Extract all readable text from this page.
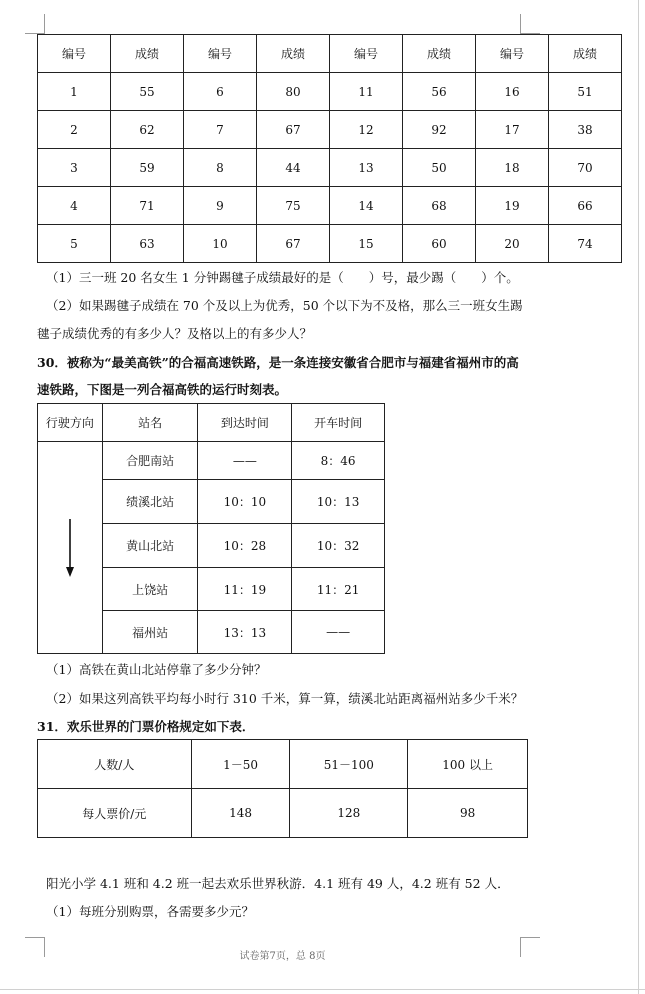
编号	成绩	编号	成绩	编号	成绩	编号	成绩
1	55	6	80	11	56	16	51
2	62	7	67	12	92	17	38
3	59	8	44	13	50	18	70
4	71	9	75	14	68	19	66
5	63	10	67	15	60	20	74
（1）三一班 20 名女生 1 分钟踢毽子成绩最好的是（　　）号，最少踢（　　）个。
（2）如果踢毽子成绩在 70 个及以上为优秀，50 个以下为不及格，那么三一班女生踢
毽子成绩优秀的有多少人？及格以上的有多少人？
30．被称为“最美高铁”的合福高速铁路，是一条连接安徽省合肥市与福建省福州市的高
速铁路，下图是一列合福高铁的运行时刻表。
行驶方向	站名	到达时间	开车时间

	合肥南站	——	8：46
	绩溪北站	10：10	10：13
	黄山北站	10：28	10：32
	上饶站	11：19	11：21
	福州站	13：13	——
（1）高铁在黄山北站停靠了多少分钟？
（2）如果这列高铁平均每小时行 310 千米，算一算，绩溪北站距离福州站多少千米？
31．欢乐世界的门票价格规定如下表．
人数/人	1－50	51－100	100 以上
每人票价/元	148	128	98
阳光小学 4.1 班和 4.2 班一起去欢乐世界秋游．4.1 班有 49 人，4.2 班有 52 人．
（1）每班分别购票，各需要多少元？
试卷第7页，总 8页
